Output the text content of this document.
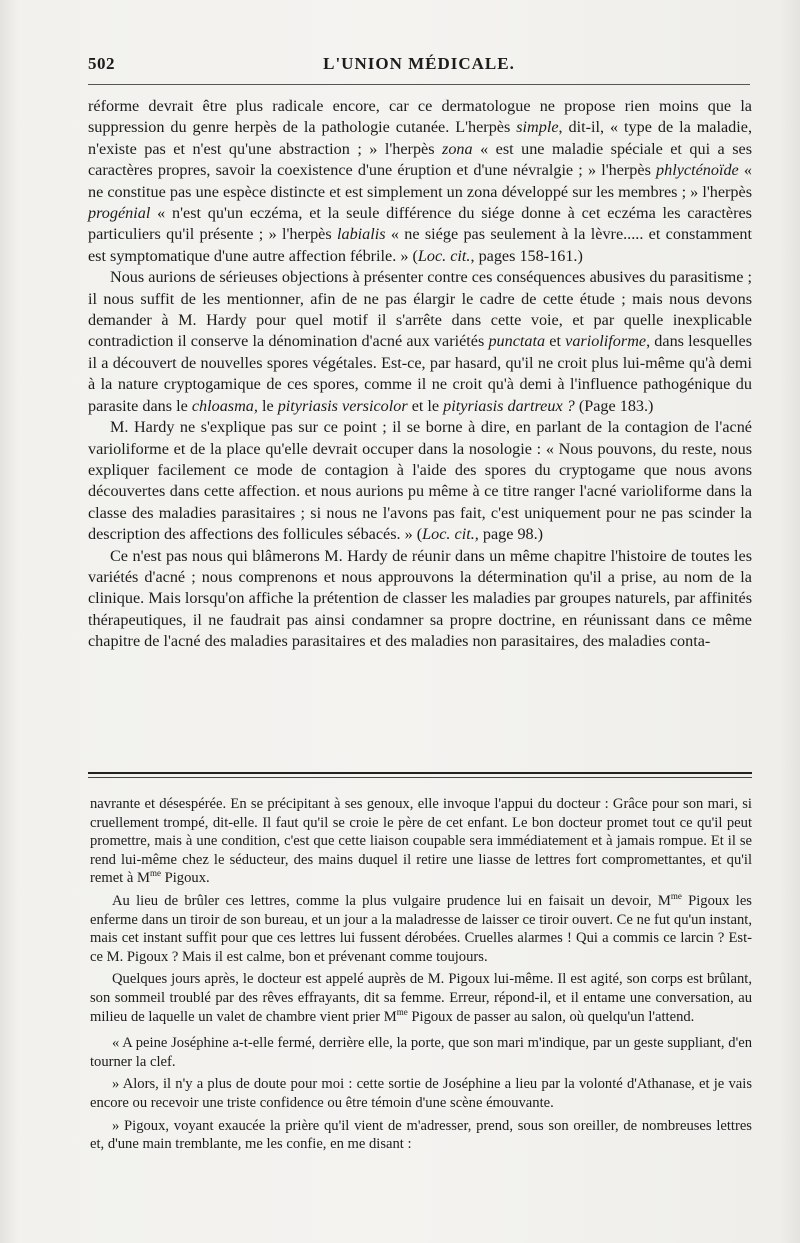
502	L'UNION MÉDICALE.

réforme devrait être plus radicale encore, car ce dermatologue ne propose rien moins que la suppression du genre herpès de la pathologie cutanée. L'herpès simple, dit-il, « type de la maladie, n'existe pas et n'est qu'une abstraction ; » l'herpès zona « est une maladie spéciale et qui a ses caractères propres, savoir la coexistence d'une éruption et d'une névralgie ; » l'herpès phlycténoïde « ne constitue pas une espèce distincte et est simplement un zona développé sur les membres ; » l'herpès progénial « n'est qu'un eczéma, et la seule différence du siége donne à cet eczéma les caractères particuliers qu'il présente ; » l'herpès labialis « ne siége pas seulement à la lèvre..... et constamment est symptomatique d'une autre affection fébrile. » (Loc. cit., pages 158-161.)

Nous aurions de sérieuses objections à présenter contre ces conséquences abusives du parasitisme ; il nous suffit de les mentionner, afin de ne pas élargir le cadre de cette étude ; mais nous devons demander à M. Hardy pour quel motif il s'arrête dans cette voie, et par quelle inexplicable contradiction il conserve la dénomination d'acné aux variétés punctata et varioliforme, dans lesquelles il a découvert de nouvelles spores végétales. Est-ce, par hasard, qu'il ne croit plus lui-même qu'à demi à la nature cryptogamique de ces spores, comme il ne croit qu'à demi à l'influence pathogénique du parasite dans le chloasma, le pityriasis versicolor et le pityriasis dartreux ? (Page 183.)

M. Hardy ne s'explique pas sur ce point ; il se borne à dire, en parlant de la contagion de l'acné varioliforme et de la place qu'elle devrait occuper dans la nosologie : « Nous pouvons, du reste, nous expliquer facilement ce mode de contagion à l'aide des spores du cryptogame que nous avons découvertes dans cette affection. et nous aurions pu même à ce titre ranger l'acné varioliforme dans la classe des maladies parasitaires ; si nous ne l'avons pas fait, c'est uniquement pour ne pas scinder la description des affections des follicules sébacés. » (Loc. cit., page 98.)

Ce n'est pas nous qui blâmerons M. Hardy de réunir dans un même chapitre l'histoire de toutes les variétés d'acné ; nous comprenons et nous approuvons la détermination qu'il a prise, au nom de la clinique. Mais lorsqu'on affiche la prétention de classer les maladies par groupes naturels, par affinités thérapeutiques, il ne faudrait pas ainsi condamner sa propre doctrine, en réunissant dans ce même chapitre de l'acné des maladies parasitaires et des maladies non parasitaires, des maladies conta-

navrante et désespérée. En se précipitant à ses genoux, elle invoque l'appui du docteur : Grâce pour son mari, si cruellement trompé, dit-elle. Il faut qu'il se croie le père de cet enfant. Le bon docteur promet tout ce qu'il peut promettre, mais à une condition, c'est que cette liaison coupable sera immédiatement et à jamais rompue. Et il se rend lui-même chez le séducteur, des mains duquel il retire une liasse de lettres fort compromettantes, et qu'il remet à $M^{me}$ Pigoux.

Au lieu de brûler ces lettres, comme la plus vulgaire prudence lui en faisait un devoir, $M^{me}$ Pigoux les enferme dans un tiroir de son bureau, et un jour a la maladresse de laisser ce tiroir ouvert. Ce ne fut qu'un instant, mais cet instant suffit pour que ces lettres lui fussent dérobées. Cruelles alarmes ! Qui a commis ce larcin ? Est-ce M. Pigoux ? Mais il est calme, bon et prévenant comme toujours.

Quelques jours après, le docteur est appelé auprès de M. Pigoux lui-même. Il est agité, son corps est brûlant, son sommeil troublé par des rêves effrayants, dit sa femme. Erreur, répond-il, et il entame une conversation, au milieu de laquelle un valet de chambre vient prier $M^{me}$ Pigoux de passer au salon, où quelqu'un l'attend.

« A peine Joséphine a-t-elle fermé, derrière elle, la porte, que son mari m'indique, par un geste suppliant, d'en tourner la clef.

» Alors, il n'y a plus de doute pour moi : cette sortie de Joséphine a lieu par la volonté d'Athanase, et je vais encore ou recevoir une triste confidence ou être témoin d'une scène émouvante.

» Pigoux, voyant exaucée la prière qu'il vient de m'adresser, prend, sous son oreiller, de nombreuses lettres et, d'une main tremblante, me les confie, en me disant :
